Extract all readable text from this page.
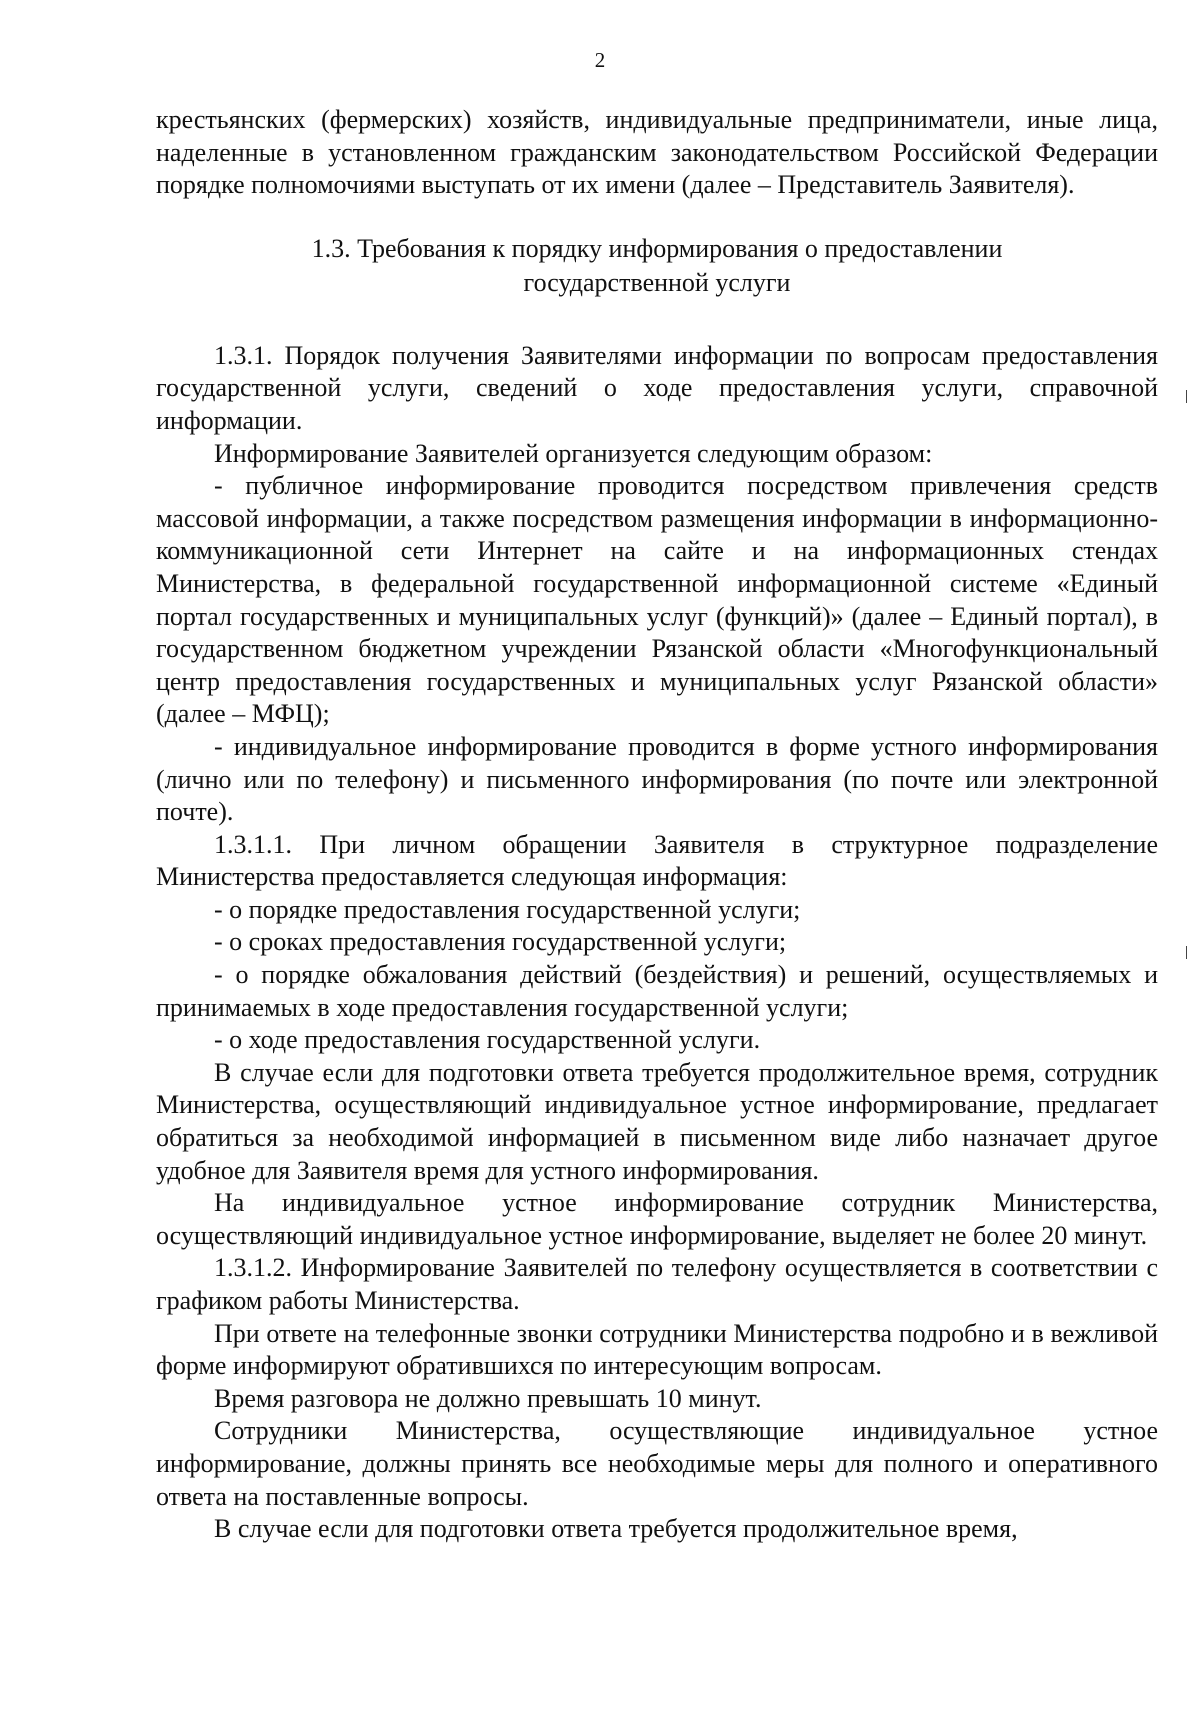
2

крестьянских (фермерских) хозяйств, индивидуальные предприниматели, иные лица, наделенные в установленном гражданским законодательством Российской Федерации порядке полномочиями выступать от их имени (далее – Представитель Заявителя).

1.3. Требования к порядку информирования о предоставлении
государственной услуги

1.3.1. Порядок получения Заявителями информации по вопросам предоставления государственной услуги, сведений о ходе предоставления услуги, справочной информации.

Информирование Заявителей организуется следующим образом:

- публичное информирование проводится посредством привлечения средств массовой информации, а также посредством размещения информации в информационно-коммуникационной сети Интернет на сайте и на информационных стендах Министерства, в федеральной государственной информационной системе «Единый портал государственных и муниципальных услуг (функций)» (далее – Единый портал), в государственном бюджетном учреждении Рязанской области «Многофункциональный центр предоставления государственных и муниципальных услуг Рязанской области» (далее – МФЦ);

- индивидуальное информирование проводится в форме устного информирования (лично или по телефону) и письменного информирования (по почте или электронной почте).

1.3.1.1. При личном обращении Заявителя в структурное подразделение Министерства предоставляется следующая информация:

- о порядке предоставления государственной услуги;

- о сроках предоставления государственной услуги;

- о порядке обжалования действий (бездействия) и решений, осуществляемых и принимаемых в ходе предоставления государственной услуги;

- о ходе предоставления государственной услуги.

В случае если для подготовки ответа требуется продолжительное время, сотрудник Министерства, осуществляющий индивидуальное устное информирование, предлагает обратиться за необходимой информацией в письменном виде либо назначает другое удобное для Заявителя время для устного информирования.

На индивидуальное устное информирование сотрудник Министерства, осуществляющий индивидуальное устное информирование, выделяет не более 20 минут.

1.3.1.2. Информирование Заявителей по телефону осуществляется в соответствии с графиком работы Министерства.

При ответе на телефонные звонки сотрудники Министерства подробно и в вежливой форме информируют обратившихся по интересующим вопросам.

Время разговора не должно превышать 10 минут.

Сотрудники Министерства, осуществляющие индивидуальное устное информирование, должны принять все необходимые меры для полного и оперативного ответа на поставленные вопросы.

В случае если для подготовки ответа требуется продолжительное время,
